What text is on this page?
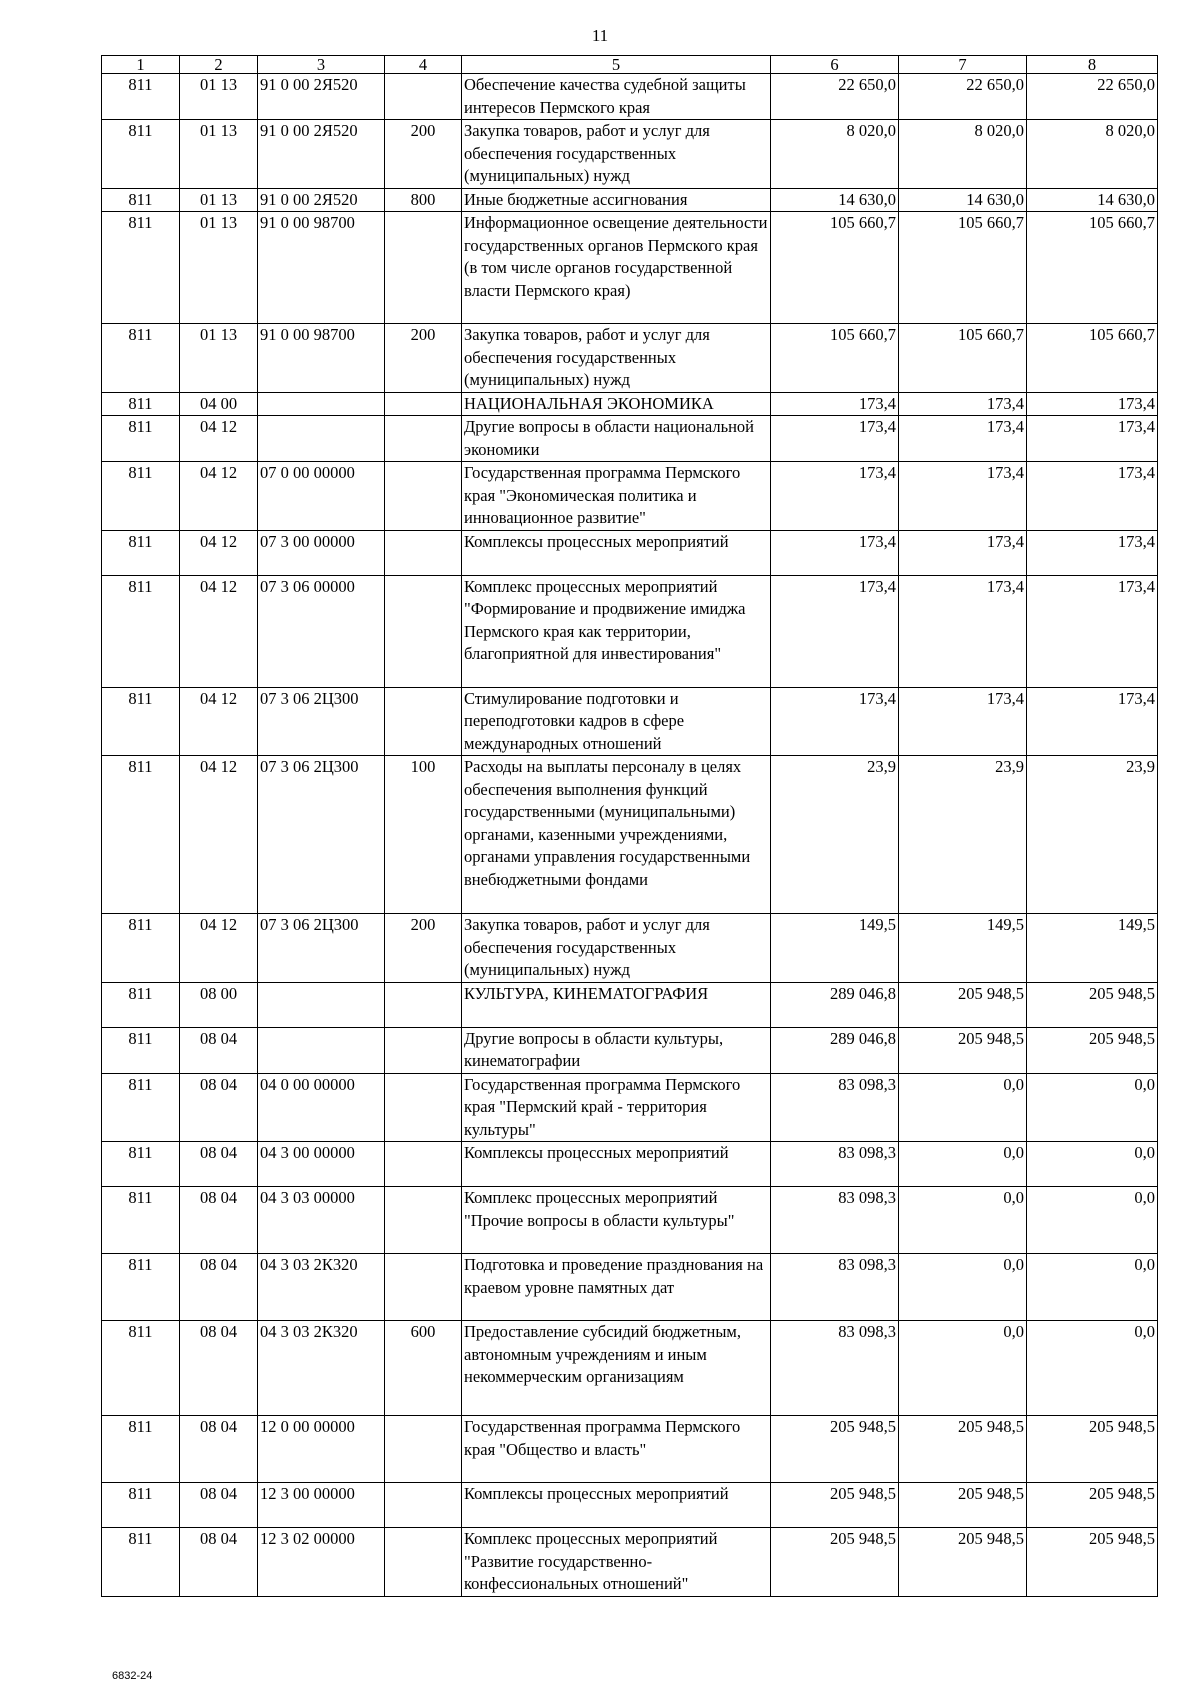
11
1	2	3	4	5	6	7	8
811	01 13	91 0 00 2Я520		Обеспечение качества судебной защиты интересов Пермского края	22 650,0	22 650,0	22 650,0
811	01 13	91 0 00 2Я520	200	Закупка товаров, работ и услуг для обеспечения государственных (муниципальных) нужд	8 020,0	8 020,0	8 020,0
811	01 13	91 0 00 2Я520	800	Иные бюджетные ассигнования	14 630,0	14 630,0	14 630,0
811	01 13	91 0 00 98700		Информационное освещение деятельности государственных органов Пермского края (в том числе органов государственной власти Пермского края)	105 660,7	105 660,7	105 660,7
811	01 13	91 0 00 98700	200	Закупка товаров, работ и услуг для обеспечения государственных (муниципальных) нужд	105 660,7	105 660,7	105 660,7
811	04 00			НАЦИОНАЛЬНАЯ ЭКОНОМИКА	173,4	173,4	173,4
811	04 12			Другие вопросы в области национальной экономики	173,4	173,4	173,4
811	04 12	07 0 00 00000		Государственная программа Пермского края "Экономическая политика и инновационное развитие"	173,4	173,4	173,4
811	04 12	07 3 00 00000		Комплексы процессных мероприятий	173,4	173,4	173,4
811	04 12	07 3 06 00000		Комплекс процессных мероприятий "Формирование и продвижение имиджа Пермского края как территории, благоприятной для инвестирования"	173,4	173,4	173,4
811	04 12	07 3 06 2Ц300		Стимулирование подготовки и переподготовки кадров в сфере международных отношений	173,4	173,4	173,4
811	04 12	07 3 06 2Ц300	100	Расходы на выплаты персоналу в целях обеспечения выполнения функций государственными (муниципальными) органами, казенными учреждениями, органами управления государственными внебюджетными фондами	23,9	23,9	23,9
811	04 12	07 3 06 2Ц300	200	Закупка товаров, работ и услуг для обеспечения государственных (муниципальных) нужд	149,5	149,5	149,5
811	08 00			КУЛЬТУРА, КИНЕМАТОГРАФИЯ	289 046,8	205 948,5	205 948,5
811	08 04			Другие вопросы в области культуры, кинематографии	289 046,8	205 948,5	205 948,5
811	08 04	04 0 00 00000		Государственная программа Пермского края "Пермский край - территория культуры"	83 098,3	0,0	0,0
811	08 04	04 3 00 00000		Комплексы процессных мероприятий	83 098,3	0,0	0,0
811	08 04	04 3 03 00000		Комплекс процессных мероприятий "Прочие вопросы в области культуры"	83 098,3	0,0	0,0
811	08 04	04 3 03 2К320		Подготовка и проведение празднования на краевом уровне памятных дат	83 098,3	0,0	0,0
811	08 04	04 3 03 2К320	600	Предоставление субсидий бюджетным, автономным учреждениям и иным некоммерческим организациям	83 098,3	0,0	0,0
811	08 04	12 0 00 00000		Государственная программа Пермского края "Общество и власть"	205 948,5	205 948,5	205 948,5
811	08 04	12 3 00 00000		Комплексы процессных мероприятий	205 948,5	205 948,5	205 948,5
811	08 04	12 3 02 00000		Комплекс процессных мероприятий "Развитие государственно-конфессиональных отношений"	205 948,5	205 948,5	205 948,5
6832-24
